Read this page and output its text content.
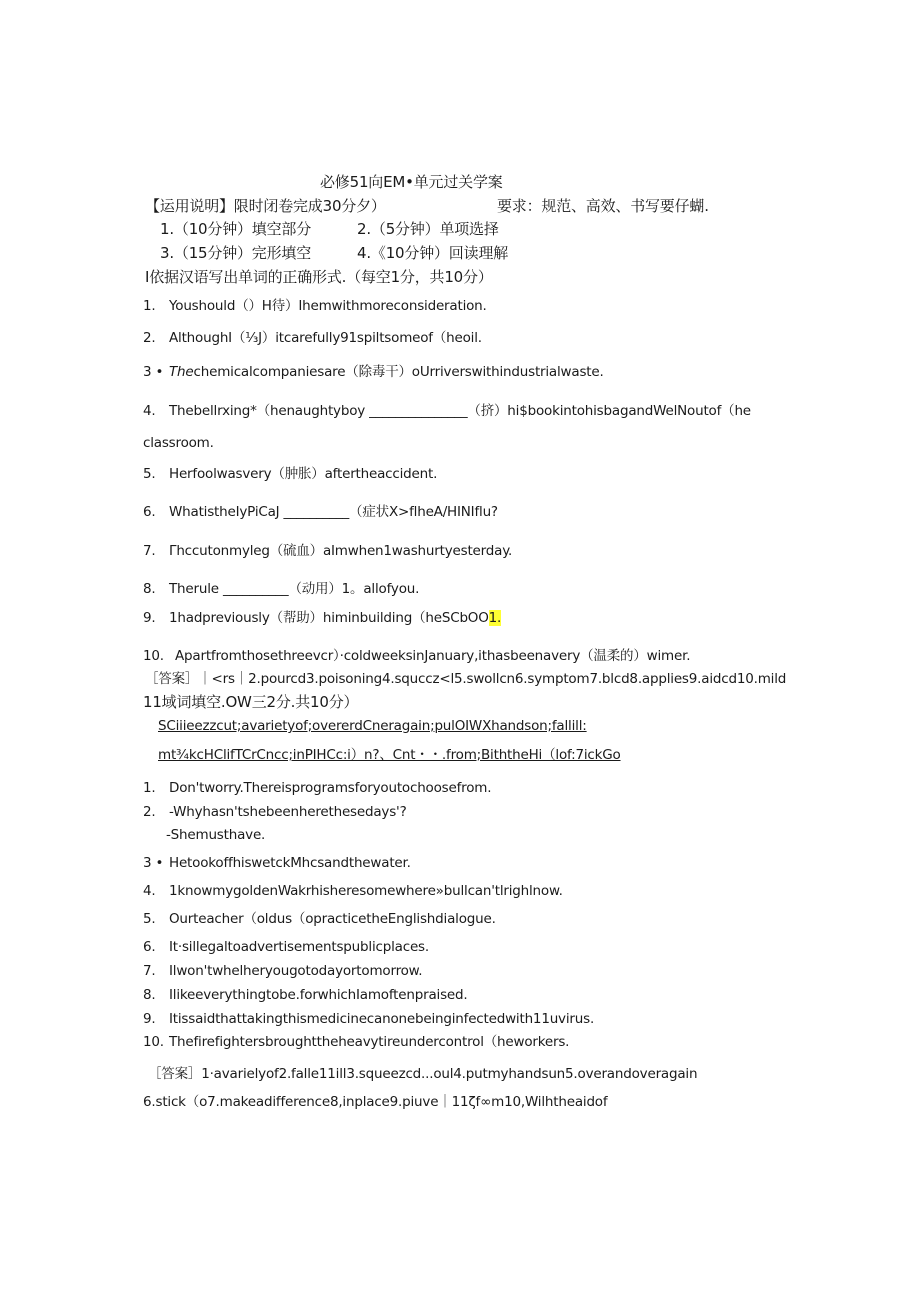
必修51向EM•单元过关学案
【运用说明】限时闭卷完成30分夕）	要求：规范、高效、书写要仔蝴.
1.（10分钟）填空部分	2.（5分钟）单项选择
3.（15分钟）完形填空	4.《10分钟）回读理解
I依据汉语写出单词的正确形式.（每空1分，共10分）
1. Youshould（）H待）Ihemwithmoreconsideration.
2. AlthoughI（⅓J）itcarefully91spiltsomeof（heoil.
3 • Thechemicalcompaniesare（除毒干）oUrriverswithindustrialwaste.
4. Thebellrxing*（henaughtyboy _______________（挤）hi$bookintohisbagandWelNoutof（he
classroom.
5. Herfoolwasvery（肿胀）aftertheaccident.
6. WhatistheIyPiCaJ __________（症状X>flheA/HINIflu?
7. Γhccutonmyleg（硫血）aImwhen1washurtyesterday.
8. Therule __________（动用）1。allofyou.
9. 1hadpreviously（帮助）himinbuilding（heSCbOO1.
10. Apartfromthosethreevcr）·coldweeksinJanuary,ithasbeenavery（温柔的）wimer.
［答案］｜<rs｜2.pourcd3.poisoning4.squccz<l5.swollcn6.symptom7.blcd8.applies9.aidcd10.mild
11域词填空.OW三2分.共10分）
SCiiieezzcut;avarietyof;overerdCneragain;pulOIWXhandson;fallill:
mt¾kcHClifTCrCncc;inPIHCc:i）n?、Cnt・・.from;BiththeHi（lof:7ickGo
1. Don'tworry.Thereisprogramsforyoutochoosefrom.
2. -Whyhasn'tshebeenherethesedays'?
-Shemusthave.
3 • HetookoffhiswetckMhcsandthewater.
4. 1knowmygoldenWakrhisheresomewhere»bullcan'tlrighlnow.
5. Ourteacher（oldus（opracticetheEnglishdialogue.
6. It·sillegaltoadvertisementspublicplaces.
7. Ilwon'twhelheryougotodayortomorrow.
8. Ilikeeverythingtobe.forwhichIamoftenpraised.
9. Itissaidthattakingthismedicinecanonebeinginfectedwith11uvirus.
10. Thefirefightersbroughttheheavytireundercontrol（heworkers.
［答案］1·avarielyof2.falle11ill3.squeezcd...oul4.putmyhandsun5.overandoveragain
6.stick（o7.makeadifference8,inplace9.piuve｜11ζf∞m10,Wilhtheaidof
